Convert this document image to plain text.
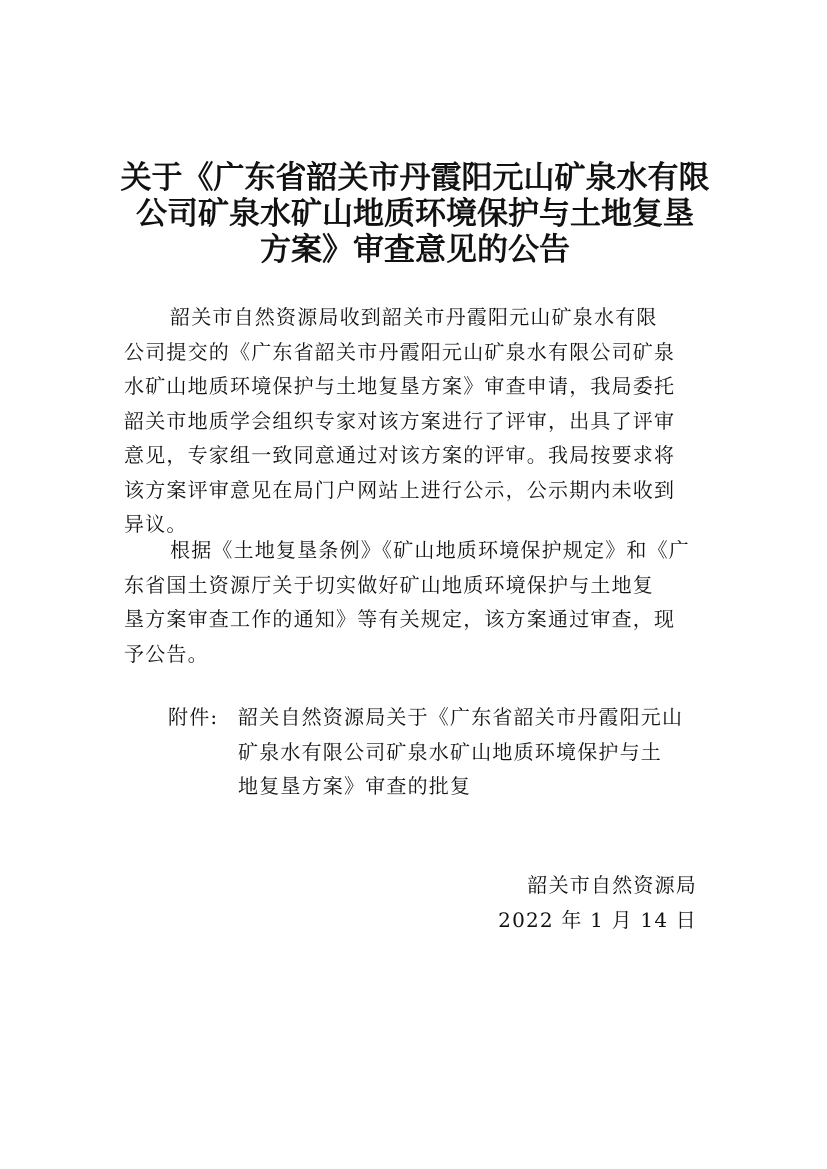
关于《广东省韶关市丹霞阳元山矿泉水有限
公司矿泉水矿山地质环境保护与土地复垦
方案》审查意见的公告
韶关市自然资源局收到韶关市丹霞阳元山矿泉水有限
公司提交的《广东省韶关市丹霞阳元山矿泉水有限公司矿泉
水矿山地质环境保护与土地复垦方案》审查申请，我局委托
韶关市地质学会组织专家对该方案进行了评审，出具了评审
意见，专家组一致同意通过对该方案的评审。我局按要求将
该方案评审意见在局门户网站上进行公示，公示期内未收到
异议。
根据《土地复垦条例》《矿山地质环境保护规定》和《广
东省国土资源厅关于切实做好矿山地质环境保护与土地复
垦方案审查工作的通知》等有关规定，该方案通过审查，现
予公告。
附件: 韶关自然资源局关于《广东省韶关市丹霞阳元山
矿泉水有限公司矿泉水矿山地质环境保护与土
地复垦方案》审查的批复
韶关市自然资源局
2022 年 1 月 14 日
